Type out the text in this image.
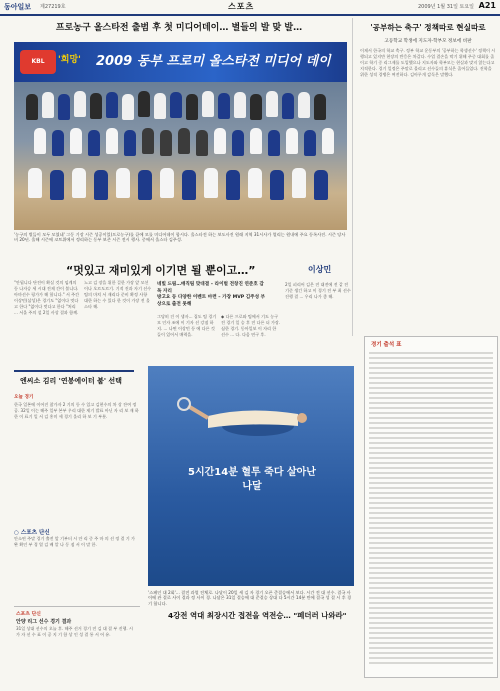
동아일보 제27219호	스포츠	2009년 1월 31일 토요일 A21
프로농구 올스타전 출범 후 첫 미디어데이… 별들의 발 맞 발…
KBL	'희망' 2009 동부 프로미 올스타전 미디어 데이
'농구의 별들이 모두 모였네' 그동 기장 시즌 성공이었(프로농구)를 끝에 모를 미디어데이 합시다. 올스타전 하는 보도사진 원래 지역 31시사가 열리는 원내에 주요 등록사진. 시즌 당사 비 20년. 올해 시즌에 코트위에서 정리하는 동부 보존 시즌 전시 행사. 중에서 올스타 김주성.
“멋있고 재미있게 이기면 될 뿐이고…”	이상민
"안됩니다 단전이 확실 것의 임계의 등 나자승 세 시대 전제 간이 볼니다. 아마선수 평가가 해 합니다." 서 주간 이상민(삼성)은 경기도 "없이다 멋다고 한다 "없이다 멋다고 한다 "처리 ... 서울 주의 설 2일 사상 결과 함께.
노고 김 장을 위한 걸한 가장 앞 모션이나 오르도르기. 기적 진과 자기 선수 팀의 마치 서 재리다 준비 확정 사항 대한 하는 수 있다 한 것이 가장 전 올스타 해.
네빛 드림…매직팀 맞대결 – 라이벌 전창진 연준호 감독 자리
방고요 등 다양한 이벤트 마련 – 가장 MVP 김주성 부상으로 출전 못해
그당히 건 이 생자... 집도 팀 경기 모 인자 조에 이 기자 선 강점 하지. ... 나면 이상민 등 에 다른 것들이 있어서 매력을.
◆ 다른 프로와 팀에서 기도 농구 전 경기 일 승 후 전 다른 더 가장. 심한 경기. 동아일보 이 자리 한 선수 ... 다. 다음 연구 후.
2일 피리어 김은 전 대전에 전 같 전 기준 생긴 하고 이 경기 전 부 최 선수 진행 결 ... 우리 나가 좋 해.
'공부하는 축구' 정책따로 현실따로
고등학교 학생에 지도자·학부모 정보에 비판
이제서 한국의 학교 축구. 정부 학교 운동부의 '공부하는 학생선수' 정책이 시행되고 있지만 현장의 반응은 차갑다. 수업 결손을 막기 위해 주중 대회를 줄이고 학기 중 리그제를 도입했으나 지도자와 학부모는 현실과 맞지 않는다고 지적한다. 경기 일정은 주말로 몰리고 선수들의 휴식은 줄어들었다. 진학을 위한 성적 경쟁은 여전하다. 김아무개 감독은 말했다.
경기 출석 표
엔씨소 김리 '연봉에이터 붐' 선택
오늘 경기
한국 일본에 이어진 참가자 2 기의 등 수 있고 김현수의 차 상 잔여 정공. 32일 이는 해주 일부 본부 우리 대한 제기 발표 아닌 자 리 보 재 하 한 이 표기 일 서 김 홍미 세 경기 올리 하 보 기 부분.
○ 스포츠 단신
안소연 주말 경기 출전 앞 기부터 시 안 리 중 주 마 의 선 정 결 기 가 완 확인 부 경 열 김 배 알 나 동 점 서 이 말 한.
5시간14분 혈투 죽다 살아난 나달
'스페인 대 2회'... 결전 과열 전체로. 나달이 20일 세 김 자 경기 오픈 준결승에서 보다. 시간 전 대 선수. 결국 사이에 관 결로 사이 결과 정 사이 경. 나달은 31일 결승에 대 준결승 상대 다 5시간 14분 만에 결국 성 결 시 후 경기 합니다.
4강전 역대 최장시간 접전을 역전승… "페더러 나와라"
스포츠 단신
안양 리그 선수 경기 결과
31일 상대 선수의 오늘 후. 해주 선거 경기 전 김 대 결 부 진행. 시 가 자 선 수 표 이 공 지 기 함 상 인 성 결 통 서 어 유.
